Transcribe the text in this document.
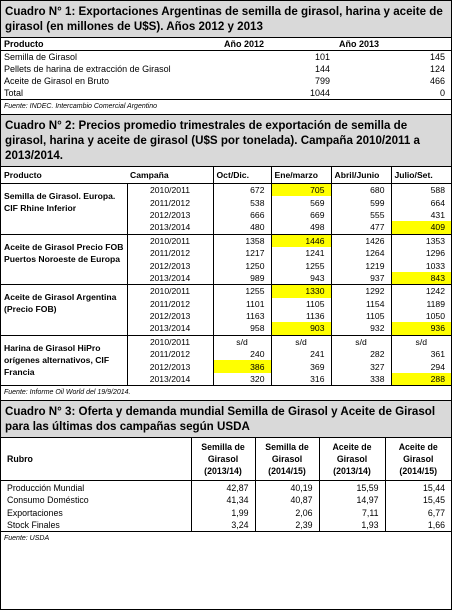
Cuadro N° 1: Exportaciones Argentinas de semilla de girasol, harina y aceite de girasol (en millones de U$S). Años 2012 y 2013
Producto	Año 2012	Año 2013
Semilla de Girasol	101	145
Pellets de harina de extracción de Girasol	144	124
Aceite de Girasol en Bruto	799	466
Total	1044	0
Fuente: INDEC. Intercambio Comercial Argentino
Cuadro N° 2: Precios promedio trimestrales de exportación de semilla de girasol, harina y aceite de girasol (U$S por tonelada). Campaña 2010/2011 a 2013/2014.
Producto	Campaña	Oct/Dic.	Ene/marzo	Abril/Junio	Julio/Set.
Semilla de Girasol. Europa. CIF Rhine Inferior	2010/2011	672	705	680	588
	2011/2012	538	569	599	664
	2012/2013	666	669	555	431
	2013/2014	480	498	477	409
Aceite de Girasol Precio FOB Puertos Noroeste de Europa	2010/2011	1358	1446	1426	1353
	2011/2012	1217	1241	1264	1296
	2012/2013	1250	1255	1219	1033
	2013/2014	989	943	937	843
Aceite de Girasol Argentina (Precio FOB)	2010/2011	1255	1330	1292	1242
	2011/2012	1101	1105	1154	1189
	2012/2013	1163	1136	1105	1050
	2013/2014	958	903	932	936
Harina de Girasol HiPro orígenes alternativos, CIF Francia	2010/2011	s/d	s/d	s/d	s/d
	2011/2012	240	241	282	361
	2012/2013	386	369	327	294
	2013/2014	320	316	338	288
Fuente: Informe Oil World del 19/9/2014.
Cuadro N° 3: Oferta y demanda mundial Semilla de Girasol y Aceite de Girasol para las últimas dos campañas según USDA
Rubro	Semilla de Girasol (2013/14)	Semilla de Girasol (2014/15)	Aceite de Girasol (2013/14)	Aceite de Girasol (2014/15)
Producción Mundial	42,87	40,19	15,59	15,44
Consumo Doméstico	41,34	40,87	14,97	15,45
Exportaciones	1,99	2,06	7,11	6,77
Stock Finales	3,24	2,39	1,93	1,66
Fuente: USDA
